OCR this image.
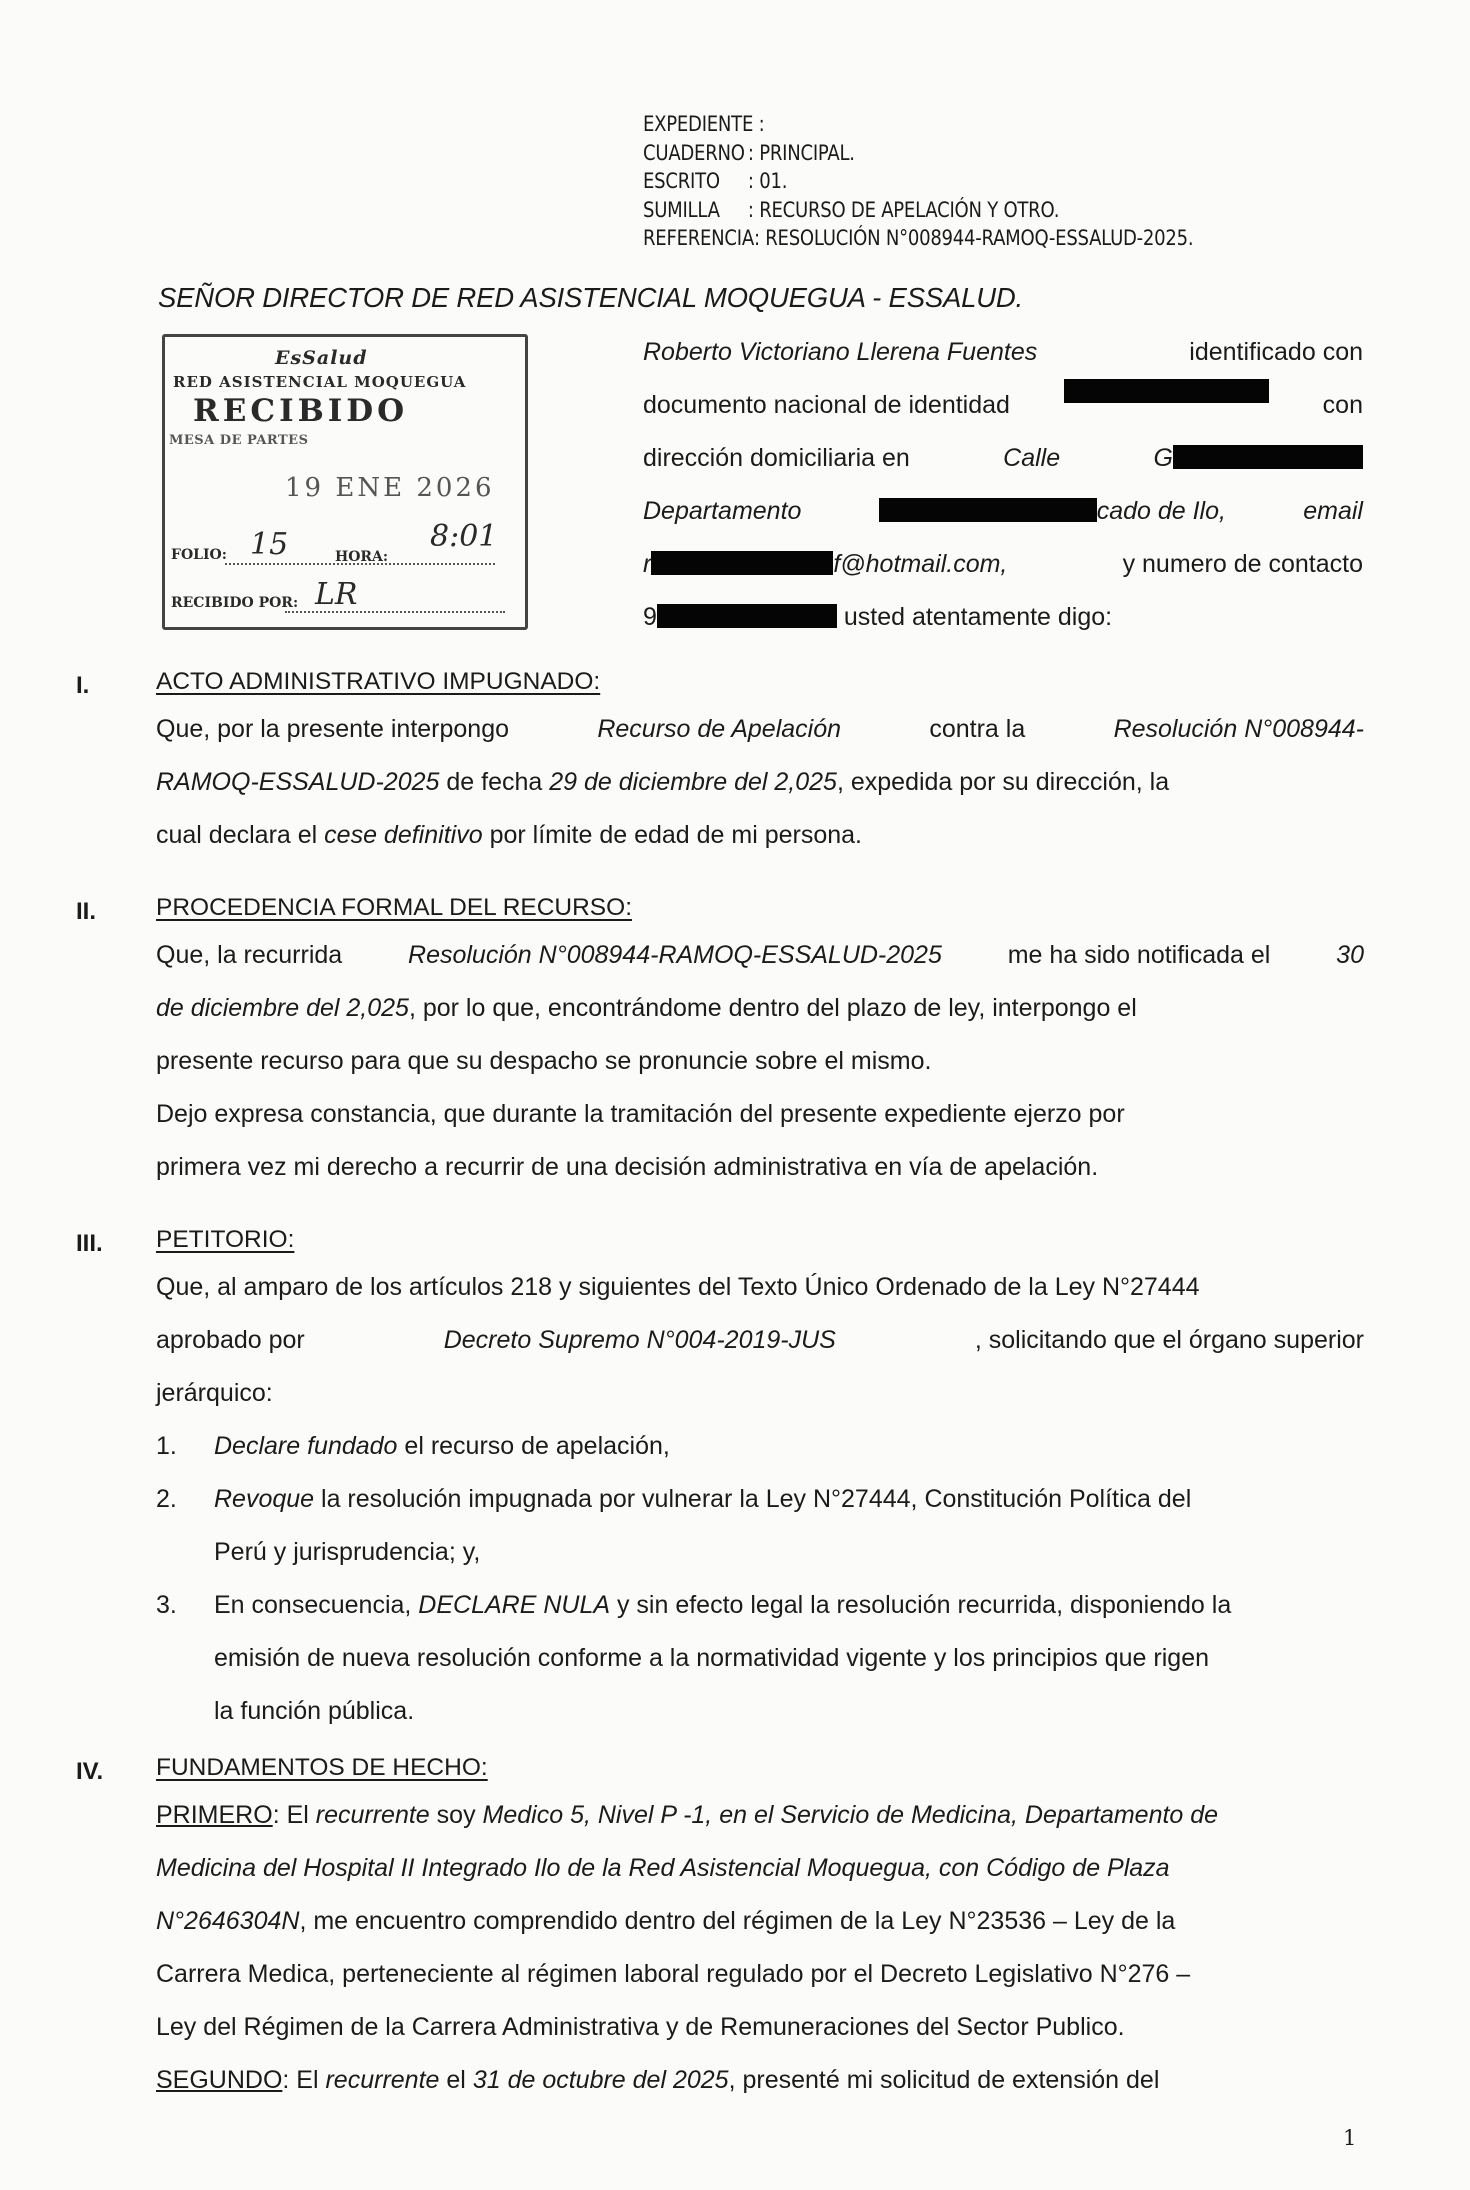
EXPEDIENTE :
CUADERNO : PRINCIPAL.
ESCRITO : 01.
SUMILLA : RECURSO DE APELACIÓN Y OTRO.
REFERENCIA: RESOLUCIÓN N°008944-RAMOQ-ESSALUD-2025.
SEÑOR DIRECTOR DE RED ASISTENCIAL MOQUEGUA - ESSALUD.
EsSalud
RED ASISTENCIAL MOQUEGUA
RECIBIDO
MESA DE PARTES
19 ENE 2026
FOLIO: 15	HORA:
8:01
RECIBIDO POR: LR
Roberto Victoriano Llerena Fuentes	identificado con
documento nacional de identidad	con
dirección domiciliaria en	Calle	G
Departamento	cado de Ilo,	email
r	f@hotmail.com,	y numero de contacto
9	usted atentamente digo:
I.	ACTO ADMINISTRATIVO IMPUGNADO:
Que, por la presente interpongo	Recurso de Apelación	contra la	Resolución N°008944-
RAMOQ-ESSALUD-2025 de fecha 29 de diciembre del 2,025, expedida por su dirección, la
cual declara el cese definitivo por límite de edad de mi persona.
II. PROCEDENCIA FORMAL DEL RECURSO:
Que, la recurrida	Resolución N°008944-RAMOQ-ESSALUD-2025	me ha sido notificada el	30
de diciembre del 2,025, por lo que, encontrándome dentro del plazo de ley, interpongo el
presente recurso para que su despacho se pronuncie sobre el mismo.
Dejo expresa constancia, que durante la tramitación del presente expediente ejerzo por
primera vez mi derecho a recurrir de una decisión administrativa en vía de apelación.
III. PETITORIO:
Que, al amparo de los artículos 218 y siguientes del Texto Único Ordenado de la Ley N°27444
aprobado por	Decreto Supremo N°004-2019-JUS	, solicitando que el órgano superior
jerárquico:
1. Declare fundado el recurso de apelación,
2. Revoque la resolución impugnada por vulnerar la Ley N°27444, Constitución Política del
Perú y jurisprudencia; y,
3. En consecuencia, DECLARE NULA y sin efecto legal la resolución recurrida, disponiendo la
emisión de nueva resolución conforme a la normatividad vigente y los principios que rigen
la función pública.
IV. FUNDAMENTOS DE HECHO:
PRIMERO: El recurrente soy Medico 5, Nivel P -1, en el Servicio de Medicina, Departamento de
Medicina del Hospital II Integrado Ilo de la Red Asistencial Moquegua, con Código de Plaza
N°2646304N, me encuentro comprendido dentro del régimen de la Ley N°23536 – Ley de la
Carrera Medica, perteneciente al régimen laboral regulado por el Decreto Legislativo N°276 –
Ley del Régimen de la Carrera Administrativa y de Remuneraciones del Sector Publico.
SEGUNDO: El recurrente el 31 de octubre del 2025, presenté mi solicitud de extensión del
1
